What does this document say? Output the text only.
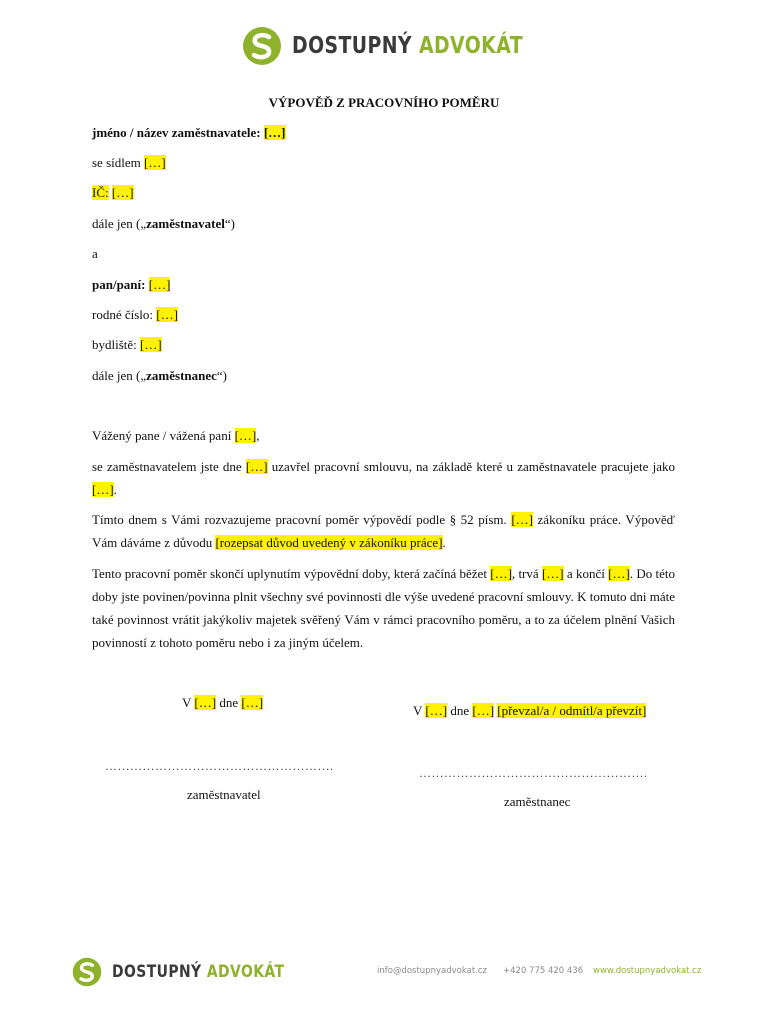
DOSTUPNÝ ADVOKÁT
VÝPOVĚĎ Z PRACOVNÍHO POMĚRU
jméno / název zaměstnavatele: […]
se sídlem […]
IČ: […]
dále jen („zaměstnavatel“)
a
pan/paní: […]
rodné číslo: […]
bydliště: […]
dále jen („zaměstnanec“)
Vážený pane / vážená paní […],
se zaměstnavatelem jste dne […] uzavřel pracovní smlouvu, na základě které u zaměstnavatele pracujete jako […].
Tímto dnem s Vámi rozvazujeme pracovní poměr výpovědí podle § 52 písm. […] zákoníku práce. Výpověď Vám dáváme z důvodu [rozepsat důvod uvedený v zákoníku práce].
Tento pracovní poměr skončí uplynutím výpovědní doby, která začíná běžet […], trvá […] a končí […]. Do této doby jste povinen/povinna plnit všechny své povinnosti dle výše uvedené pracovní smlouvy. K tomuto dni máte také povinnost vrátit jakýkoliv majetek svěřený Vám v rámci pracovního poměru, a to za účelem plnění Vašich povinností z tohoto poměru nebo i za jiným účelem.
V […] dne […]
V […] dne […] [převzal/a / odmítl/a převzít]
……………………………………………….	……………………………………………….
zaměstnavatel	zaměstnanec
DOSTUPNÝ ADVOKÁT	info@dostupnyadvokat.cz +420 775 420 436 www.dostupnyadvokat.cz
